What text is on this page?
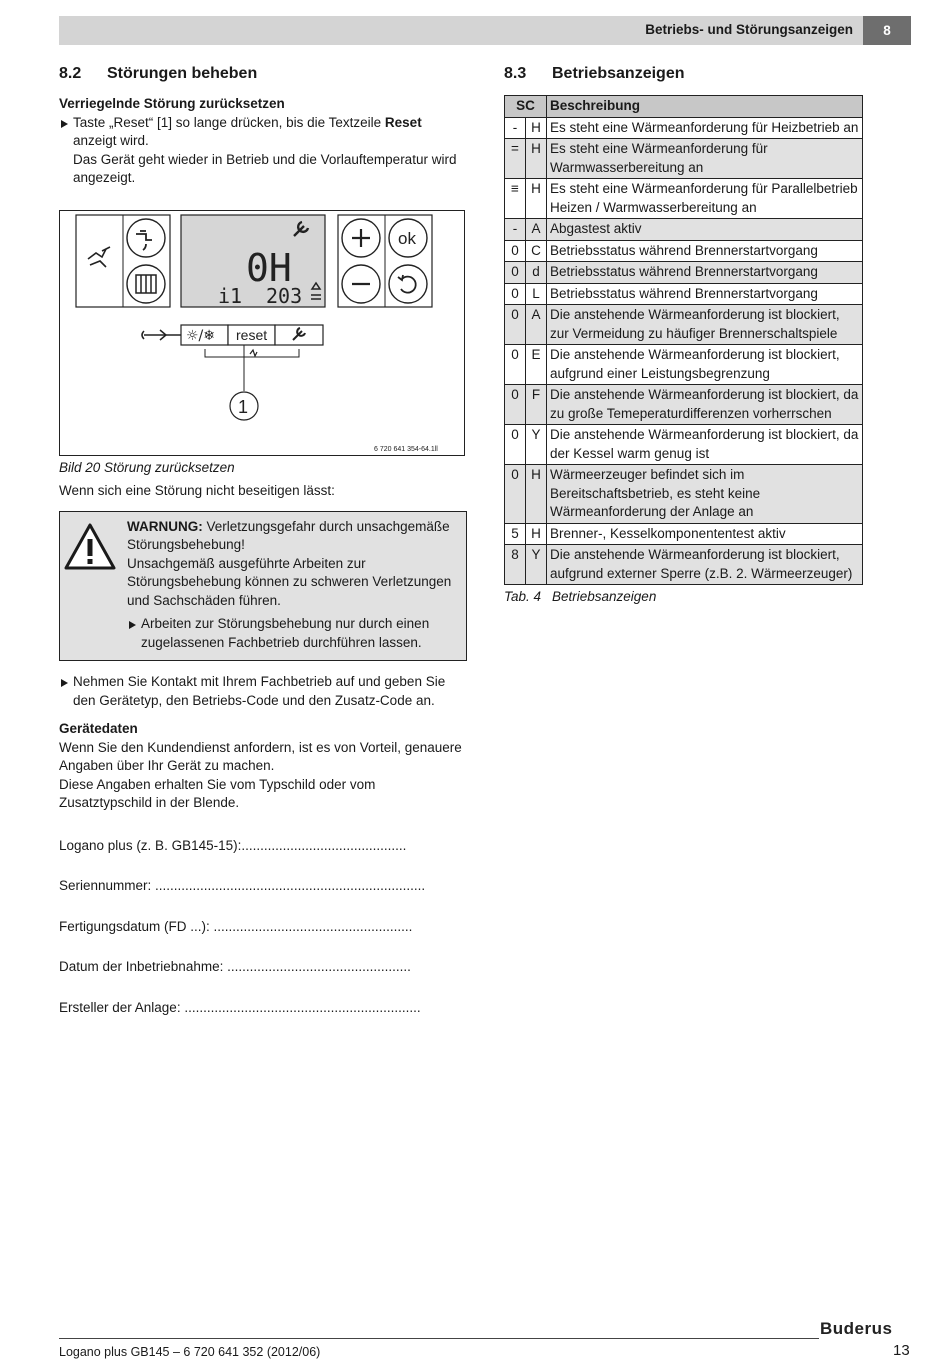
Betriebs- und Störungsanzeigen	8
8.2 Störungen beheben

Verriegelnde Störung zurücksetzen

Taste „Reset“ [1] so lange drücken, bis die Textzeile Reset anzeigt wird.

Das Gerät geht wieder in Betrieb und die Vorlauftemperatur wird angezeigt.

0H
i1 203
ok
☼/❄ reset
1
6 720 641 354-64.1ll

Bild 20 Störung zurücksetzen

Wenn sich eine Störung nicht beseitigen lässt:

WARNUNG: Verletzungsgefahr durch unsachgemäße Störungsbehebung!

Unsachgemäß ausgeführte Arbeiten zur Störungsbehebung können zu schweren Verletzungen und Sachschäden führen.

Arbeiten zur Störungsbehebung nur durch einen zugelassenen Fachbetrieb durchführen lassen.
Nehmen Sie Kontakt mit Ihrem Fachbetrieb auf und geben Sie den Gerätetyp, den Betriebs-Code und den Zusatz-Code an.

Gerätedaten

Wenn Sie den Kundendienst anfordern, ist es von Vorteil, genauere Angaben über Ihr Gerät zu machen.

Diese Angaben erhalten Sie vom Typschild oder vom Zusatztypschild in der Blende.

Logano plus (z. B. GB145-15):............................................

Seriennummer: ........................................................................

Fertigungsdatum (FD ...): .....................................................

Datum der Inbetriebnahme: .................................................

Ersteller der Anlage: ...............................................................

8.3 Betriebsanzeigen
SC		Beschreibung
-	H	Es steht eine Wärmeanforderung für Heizbetrieb an
=	H	Es steht eine Wärmeanforderung für Warmwasserbereitung an
≡	H	Es steht eine Wärmeanforderung für Parallelbetrieb Heizen / Warmwasserbereitung an
-	A	Abgastest aktiv
0	C	Betriebsstatus während Brennerstartvorgang
0	d	Betriebsstatus während Brennerstartvorgang
0	L	Betriebsstatus während Brennerstartvorgang
0	A	Die anstehende Wärmeanforderung ist blockiert, zur Vermeidung zu häufiger Brennerschaltspiele
0	E	Die anstehende Wärmeanforderung ist blockiert, aufgrund einer Leistungsbegrenzung
0	F	Die anstehende Wärmeanforderung ist blockiert, da zu große Temeperaturdifferenzen vorherrschen
0	Y	Die anstehende Wärmeanforderung ist blockiert, da der Kessel warm genug ist
0	H	Wärmeerzeuger befindet sich im Bereitschaftsbetrieb, es steht keine Wärmeanforderung der Anlage an
5	H	Brenner-, Kesselkomponententest aktiv
8	Y	Die anstehende Wärmeanforderung ist blockiert, aufgrund externer Sperre (z.B. 2. Wärmeerzeuger)

Tab. 4 Betriebsanzeigen

Logano plus GB145 – 6 720 641 352 (2012/06)
Buderus
13
